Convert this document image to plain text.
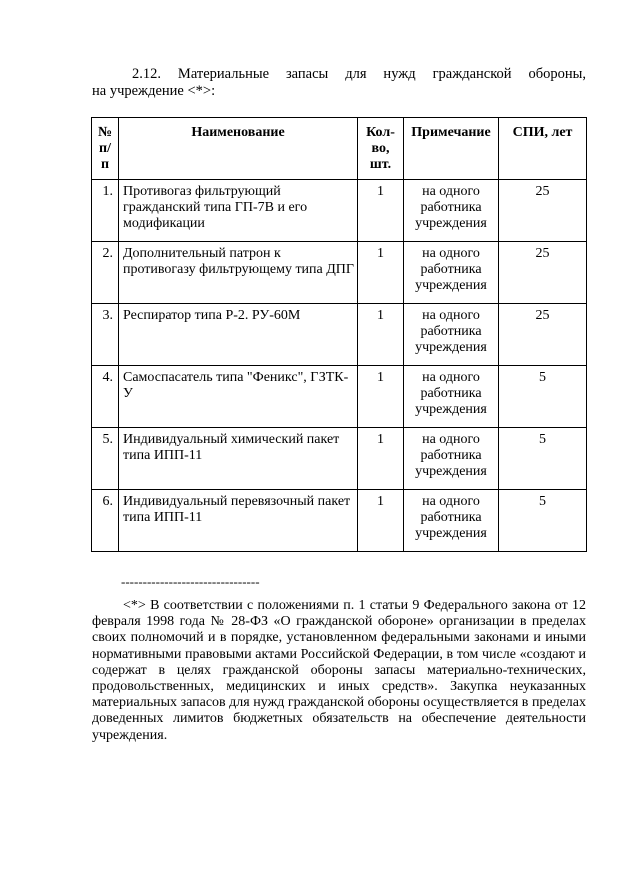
2.12. Материальные запасы для нужд гражданской обороны,
на учреждение <*>:
№ п/п	Наименование	Кол-во, шт.	Примечание	СПИ, лет
1.	Противогаз фильтрующий гражданский типа ГП-7В и его модификации	1	на одного работника учреждения	25
2.	Дополнительный патрон к противогазу фильтрующему типа ДПГ	1	на одного работника учреждения	25
3.	Респиратор типа Р-2. РУ-60М	1	на одного работника учреждения	25
4.	Самоспасатель типа "Феникс", ГЗТК-У	1	на одного работника учреждения	5
5.	Индивидуальный химический пакет типа ИПП-11	1	на одного работника учреждения	5
6.	Индивидуальный перевязочный пакет типа ИПП-11	1	на одного работника учреждения	5
--------------------------------
<*> В соответствии с положениями п. 1 статьи 9 Федерального закона от 12 февраля 1998 года № 28-ФЗ «О гражданской обороне» организации в пределах своих полномочий и в порядке, установленном федеральными законами и иными нормативными правовыми актами Российской Федерации, в том числе «создают и содержат в целях гражданской обороны запасы материально-технических, продовольственных, медицинских и иных средств». Закупка неуказанных материальных запасов для нужд гражданской обороны осуществляется в пределах доведенных лимитов бюджетных обязательств на обеспечение деятельности учреждения.
